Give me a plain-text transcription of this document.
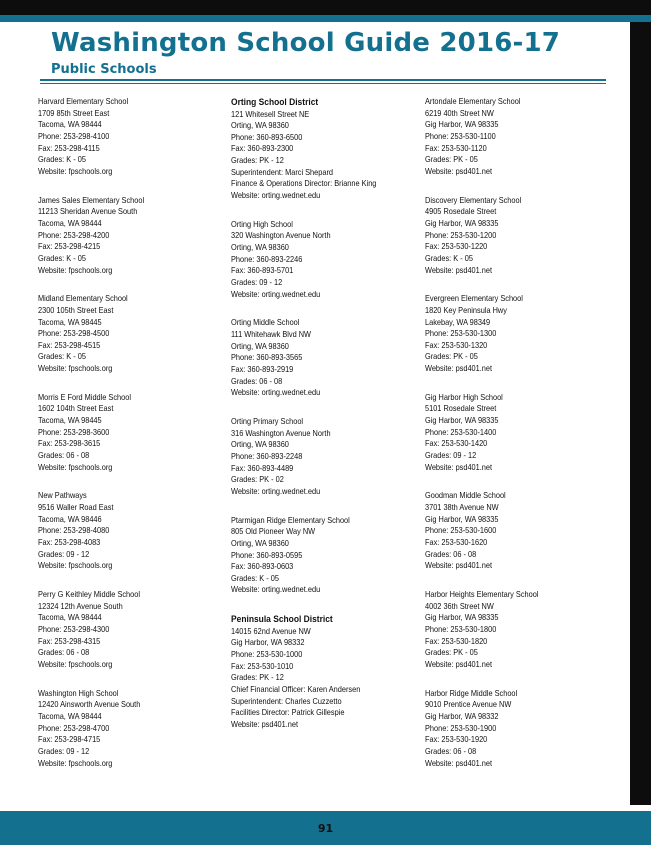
Washington School Guide 2016-17
Public Schools
Harvard Elementary School
1709 85th Street East
Tacoma, WA 98444
Phone: 253-298-4100
Fax: 253-298-4115
Grades: K - 05
Website: fpschools.org
James Sales Elementary School
11213 Sheridan Avenue South
Tacoma, WA 98444
Phone: 253-298-4200
Fax: 253-298-4215
Grades: K - 05
Website: fpschools.org
Midland Elementary School
2300 105th Street East
Tacoma, WA 98445
Phone: 253-298-4500
Fax: 253-298-4515
Grades: K - 05
Website: fpschools.org
Morris E Ford Middle School
1602 104th Street East
Tacoma, WA 98445
Phone: 253-298-3600
Fax: 253-298-3615
Grades: 06 - 08
Website: fpschools.org
New Pathways
9516 Waller Road East
Tacoma, WA 98446
Phone: 253-298-4080
Fax: 253-298-4083
Grades: 09 - 12
Website: fpschools.org
Perry G Keithley Middle School
12324 12th Avenue South
Tacoma, WA 98444
Phone: 253-298-4300
Fax: 253-298-4315
Grades: 06 - 08
Website: fpschools.org
Washington High School
12420 Ainsworth Avenue South
Tacoma, WA 98444
Phone: 253-298-4700
Fax: 253-298-4715
Grades: 09 - 12
Website: fpschools.org
Orting School District
121 Whitesell Street NE
Orting, WA 98360
Phone: 360-893-6500
Fax: 360-893-2300
Grades: PK - 12
Superintendent: Marci Shepard
Finance & Operations Director: Brianne King
Website: orting.wednet.edu
Orting High School
320 Washington Avenue North
Orting, WA 98360
Phone: 360-893-2246
Fax: 360-893-5701
Grades: 09 - 12
Website: orting.wednet.edu
Orting Middle School
111 Whitehawk Blvd NW
Orting, WA 98360
Phone: 360-893-3565
Fax: 360-893-2919
Grades: 06 - 08
Website: orting.wednet.edu
Orting Primary School
316 Washington Avenue North
Orting, WA 98360
Phone: 360-893-2248
Fax: 360-893-4489
Grades: PK - 02
Website: orting.wednet.edu
Ptarmigan Ridge Elementary School
805 Old Pioneer Way NW
Orting, WA 98360
Phone: 360-893-0595
Fax: 360-893-0603
Grades: K - 05
Website: orting.wednet.edu
Peninsula School District
14015 62nd Avenue NW
Gig Harbor, WA 98332
Phone: 253-530-1000
Fax: 253-530-1010
Grades: PK - 12
Chief Financial Officer: Karen Andersen
Superintendent: Charles Cuzzetto
Facilities Director: Patrick Gillespie
Website: psd401.net
Artondale Elementary School
6219 40th Street NW
Gig Harbor, WA 98335
Phone: 253-530-1100
Fax: 253-530-1120
Grades: PK - 05
Website: psd401.net
Discovery Elementary School
4905 Rosedale Street
Gig Harbor, WA 98335
Phone: 253-530-1200
Fax: 253-530-1220
Grades: K - 05
Website: psd401.net
Evergreen Elementary School
1820 Key Peninsula Hwy
Lakebay, WA 98349
Phone: 253-530-1300
Fax: 253-530-1320
Grades: PK - 05
Website: psd401.net
Gig Harbor High School
5101 Rosedale Street
Gig Harbor, WA 98335
Phone: 253-530-1400
Fax: 253-530-1420
Grades: 09 - 12
Website: psd401.net
Goodman Middle School
3701 38th Avenue NW
Gig Harbor, WA 98335
Phone: 253-530-1600
Fax: 253-530-1620
Grades: 06 - 08
Website: psd401.net
Harbor Heights Elementary School
4002 36th Street NW
Gig Harbor, WA 98335
Phone: 253-530-1800
Fax: 253-530-1820
Grades: PK - 05
Website: psd401.net
Harbor Ridge Middle School
9010 Prentice Avenue NW
Gig Harbor, WA 98332
Phone: 253-530-1900
Fax: 253-530-1920
Grades: 06 - 08
Website: psd401.net
91
